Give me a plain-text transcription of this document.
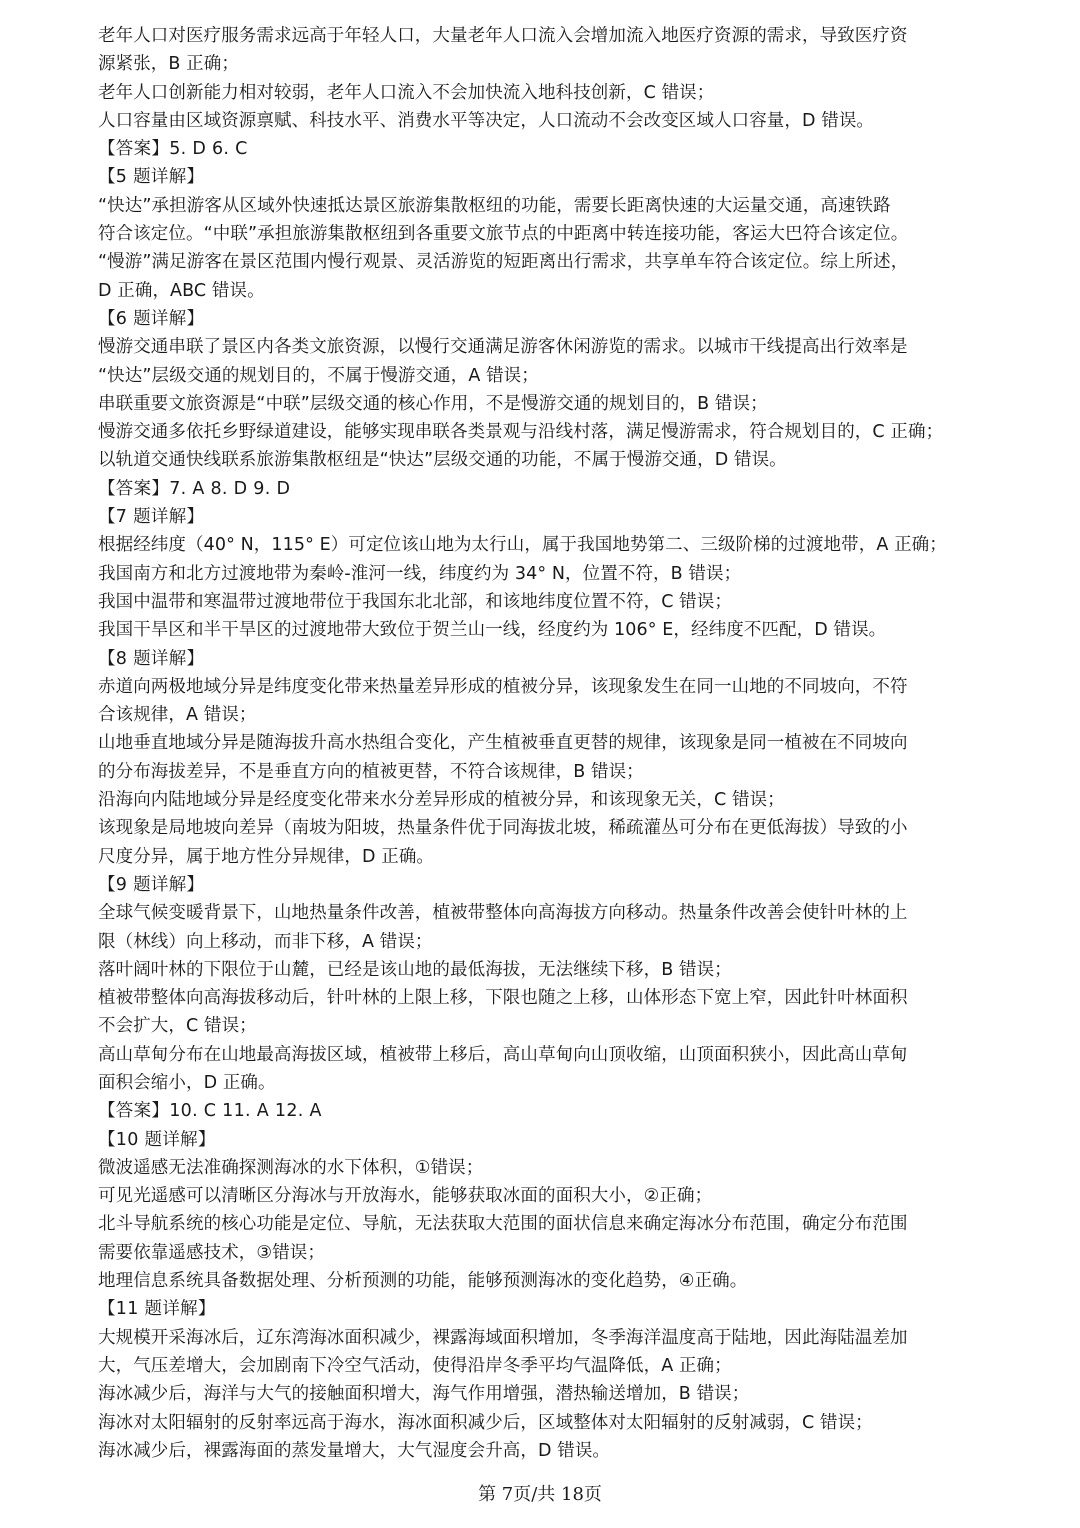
老年人口对医疗服务需求远高于年轻人口，大量老年人口流入会增加流入地医疗资源的需求，导致医疗资
源紧张，B 正确；
老年人口创新能力相对较弱，老年人口流入不会加快流入地科技创新，C 错误；
人口容量由区域资源禀赋、科技水平、消费水平等决定，人口流动不会改变区域人口容量，D 错误。
【答案】5. D 6. C
【5 题详解】
“快达”承担游客从区域外快速抵达景区旅游集散枢纽的功能，需要长距离快速的大运量交通，高速铁路
符合该定位。“中联”承担旅游集散枢纽到各重要文旅节点的中距离中转连接功能，客运大巴符合该定位。
“慢游”满足游客在景区范围内慢行观景、灵活游览的短距离出行需求，共享单车符合该定位。综上所述，
D 正确，ABC 错误。
【6 题详解】
慢游交通串联了景区内各类文旅资源，以慢行交通满足游客休闲游览的需求。以城市干线提高出行效率是
“快达”层级交通的规划目的，不属于慢游交通，A 错误；
串联重要文旅资源是“中联”层级交通的核心作用，不是慢游交通的规划目的，B 错误；
慢游交通多依托乡野绿道建设，能够实现串联各类景观与沿线村落，满足慢游需求，符合规划目的，C 正确；
以轨道交通快线联系旅游集散枢纽是“快达”层级交通的功能，不属于慢游交通，D 错误。
【答案】7. A 8. D 9. D
【7 题详解】
根据经纬度（40° N，115° E）可定位该山地为太行山，属于我国地势第二、三级阶梯的过渡地带，A 正确；
我国南方和北方过渡地带为秦岭-淮河一线，纬度约为 34° N，位置不符，B 错误；
我国中温带和寒温带过渡地带位于我国东北北部，和该地纬度位置不符，C 错误；
我国干旱区和半干旱区的过渡地带大致位于贺兰山一线，经度约为 106° E，经纬度不匹配，D 错误。
【8 题详解】
赤道向两极地域分异是纬度变化带来热量差异形成的植被分异，该现象发生在同一山地的不同坡向，不符
合该规律，A 错误；
山地垂直地域分异是随海拔升高水热组合变化，产生植被垂直更替的规律，该现象是同一植被在不同坡向
的分布海拔差异，不是垂直方向的植被更替，不符合该规律，B 错误；
沿海向内陆地域分异是经度变化带来水分差异形成的植被分异，和该现象无关，C 错误；
该现象是局地坡向差异（南坡为阳坡，热量条件优于同海拔北坡，稀疏灌丛可分布在更低海拔）导致的小
尺度分异，属于地方性分异规律，D 正确。
【9 题详解】
全球气候变暖背景下，山地热量条件改善，植被带整体向高海拔方向移动。热量条件改善会使针叶林的上
限（林线）向上移动，而非下移，A 错误；
落叶阔叶林的下限位于山麓，已经是该山地的最低海拔，无法继续下移，B 错误；
植被带整体向高海拔移动后，针叶林的上限上移，下限也随之上移，山体形态下宽上窄，因此针叶林面积
不会扩大，C 错误；
高山草甸分布在山地最高海拔区域，植被带上移后，高山草甸向山顶收缩，山顶面积狭小，因此高山草甸
面积会缩小，D 正确。
【答案】10. C 11. A 12. A
【10 题详解】
微波遥感无法准确探测海冰的水下体积，①错误；
可见光遥感可以清晰区分海冰与开放海水，能够获取冰面的面积大小，②正确；
北斗导航系统的核心功能是定位、导航，无法获取大范围的面状信息来确定海冰分布范围，确定分布范围
需要依靠遥感技术，③错误；
地理信息系统具备数据处理、分析预测的功能，能够预测海冰的变化趋势，④正确。
【11 题详解】
大规模开采海冰后，辽东湾海冰面积减少，裸露海域面积增加，冬季海洋温度高于陆地，因此海陆温差加
大，气压差增大，会加剧南下冷空气活动，使得沿岸冬季平均气温降低，A 正确；
海冰减少后，海洋与大气的接触面积增大，海气作用增强，潜热输送增加，B 错误；
海冰对太阳辐射的反射率远高于海水，海冰面积减少后，区域整体对太阳辐射的反射减弱，C 错误；
海冰减少后，裸露海面的蒸发量增大，大气湿度会升高，D 错误。
第 7页/共 18页
